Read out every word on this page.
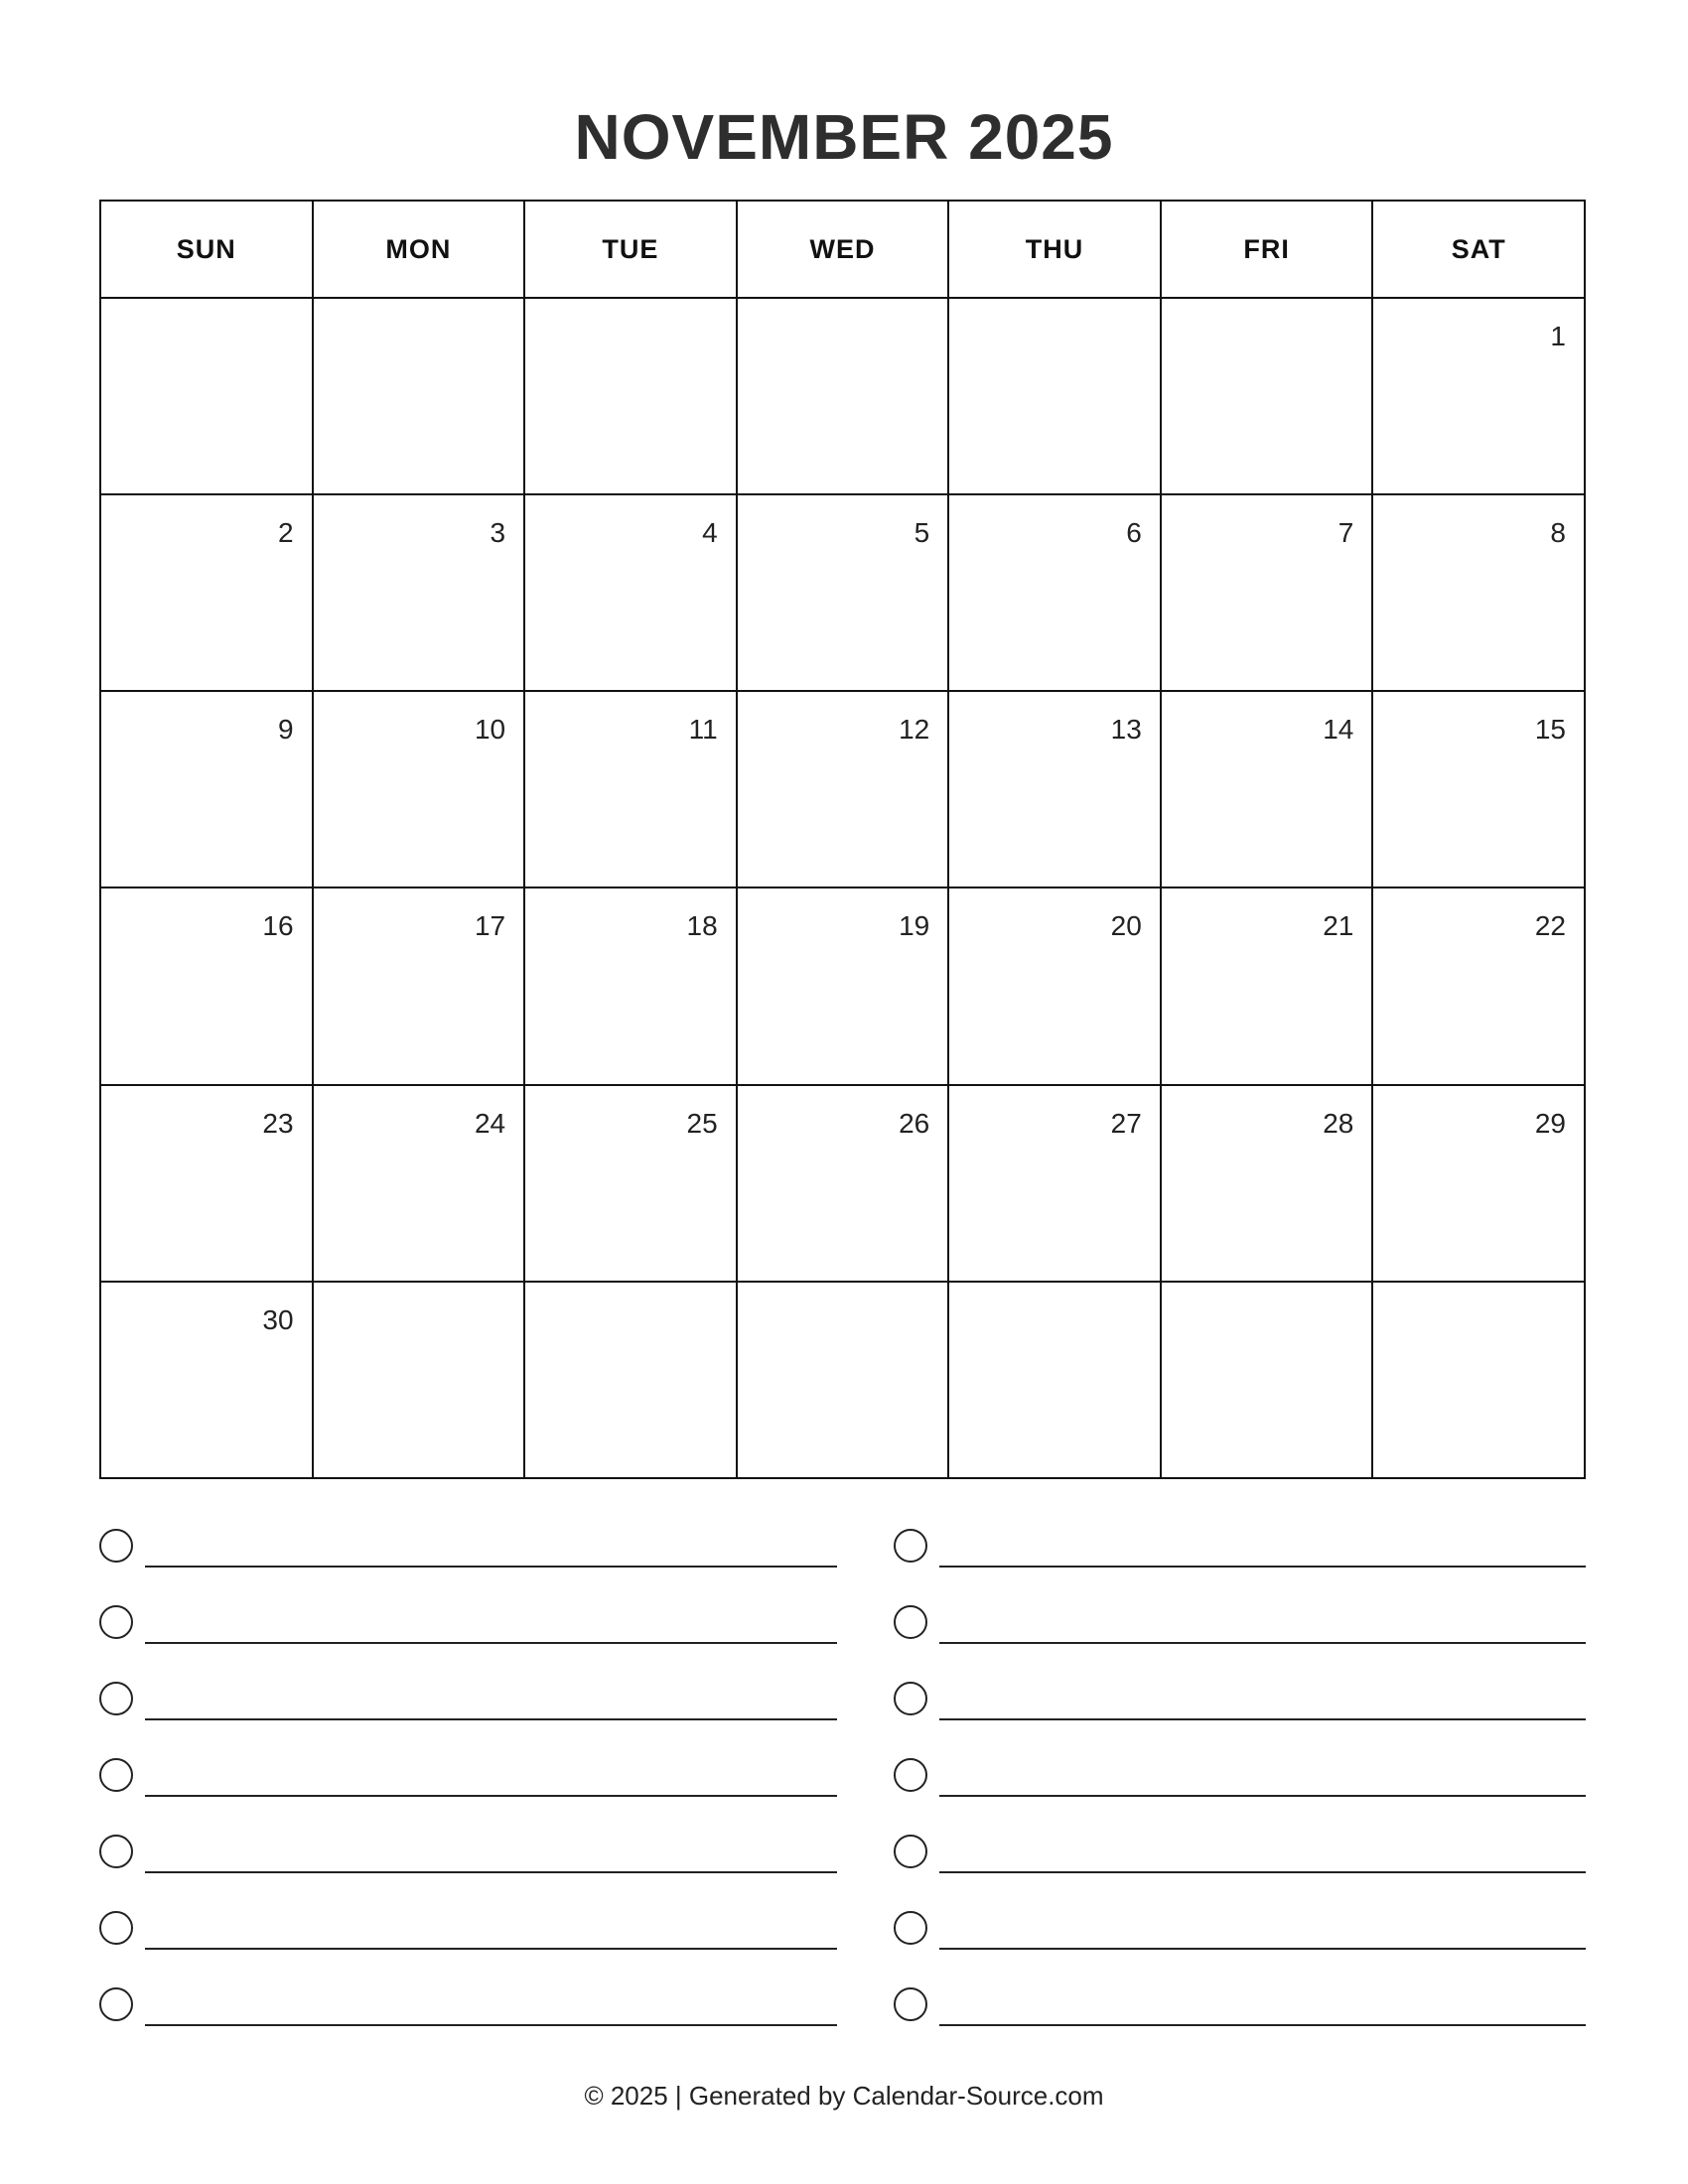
NOVEMBER 2025
SUN	MON	TUE	WED	THU	FRI	SAT

						1

2	3	4	5	6	7	8

9	10	11	12	13	14	15

16	17	18	19	20	21	22

23	24	25	26	27	28	29

30						

© 2025 | Generated by Calendar-Source.com
